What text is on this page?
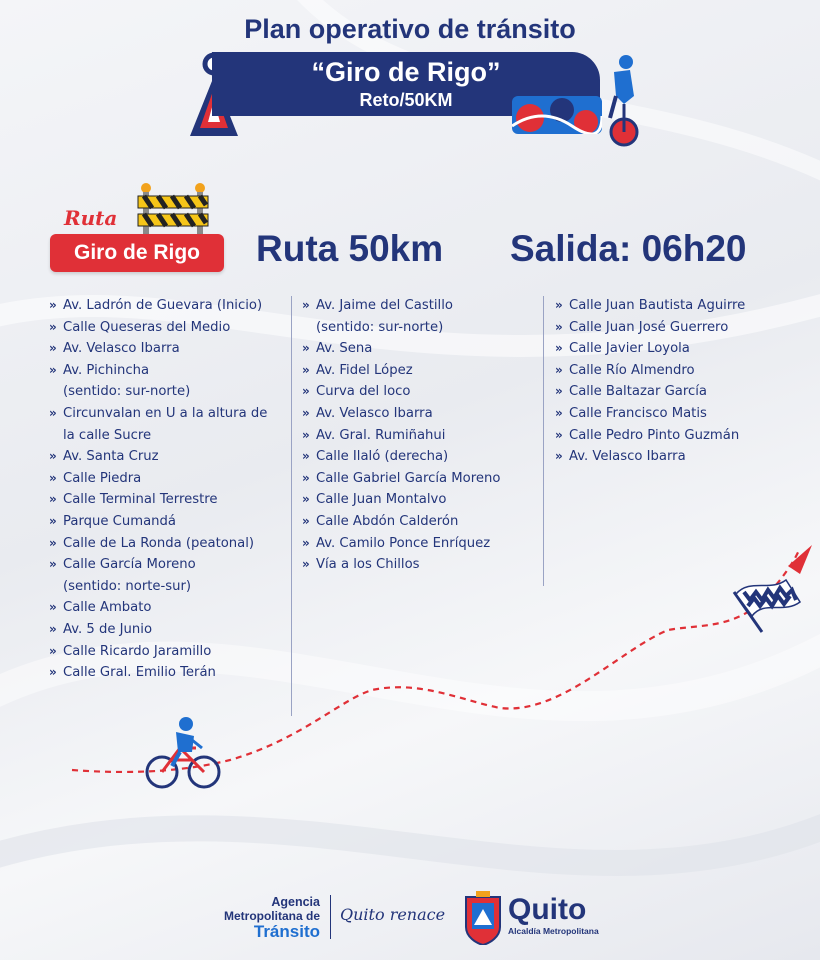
Plan operativo de tránsito
“Giro de Rigo”
Reto/50KM
Ruta
Giro de Rigo	Ruta 50km Salida: 06h20
» Av. Ladrón de Guevara (Inicio)
» Calle Queseras del Medio
» Av. Velasco Ibarra
» Av. Pichincha
(sentido: sur-norte)
» Circunvalan en U a la altura de
la calle Sucre
» Av. Santa Cruz
» Calle Piedra
» Calle Terminal Terrestre
» Parque Cumandá
» Calle de La Ronda (peatonal)
» Calle García Moreno
(sentido: norte-sur)
» Calle Ambato
» Av. 5 de Junio
» Calle Ricardo Jaramillo
» Calle Gral. Emilio Terán
» Av. Jaime del Castillo
(sentido: sur-norte)
» Av. Sena
» Av. Fidel López
» Curva del loco
» Av. Velasco Ibarra
» Av. Gral. Rumiñahui
» Calle Ilaló (derecha)
» Calle Gabriel García Moreno
» Calle Juan Montalvo
» Calle Abdón Calderón
» Av. Camilo Ponce Enríquez
» Vía a los Chillos
» Calle Juan Bautista Aguirre
» Calle Juan José Guerrero
» Calle Javier Loyola
» Calle Río Almendro
» Calle Baltazar García
» Calle Francisco Matis
» Calle Pedro Pinto Guzmán
» Av. Velasco Ibarra
Agencia
Metropolitana de
Tránsito
Quito renace Quito
Alcaldía Metropolitana
